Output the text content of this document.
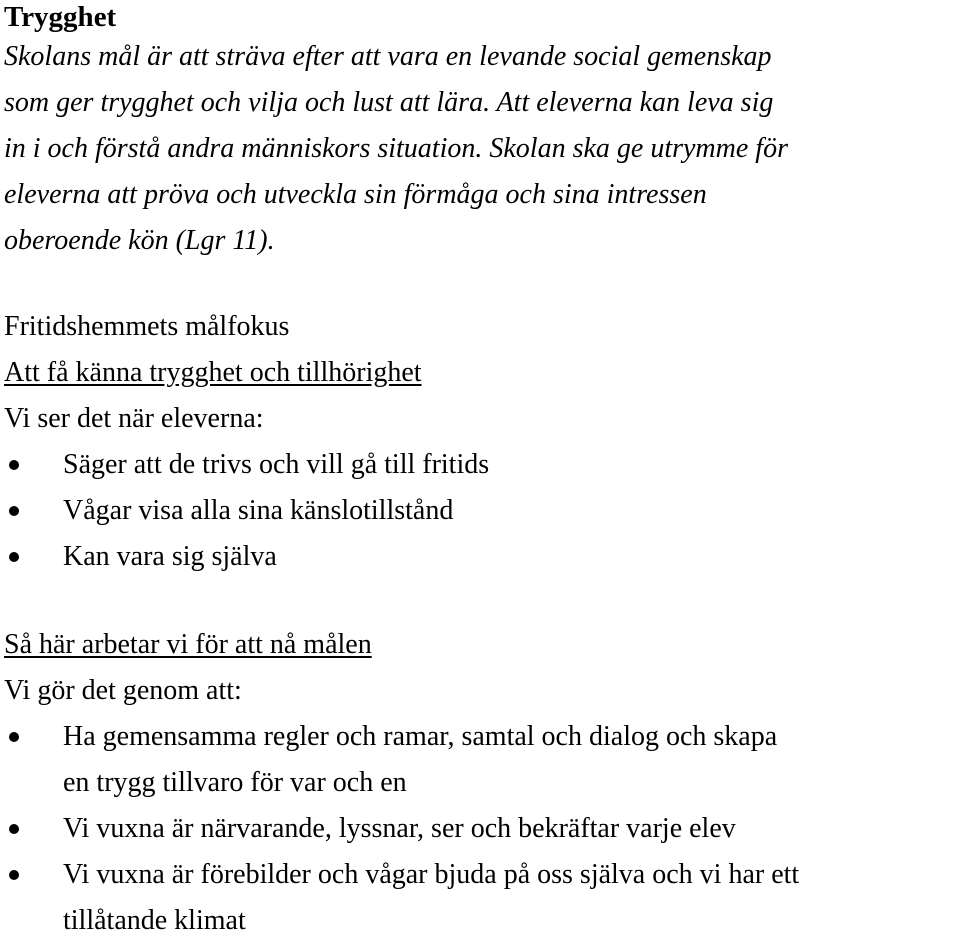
Trygghet
Skolans mål är att sträva efter att vara en levande social gemenskap
som ger trygghet och vilja och lust att lära. Att eleverna kan leva sig
in i och förstå andra människors situation. Skolan ska ge utrymme för
eleverna att pröva och utveckla sin förmåga och sina intressen
oberoende kön (Lgr 11).
Fritidshemmets målfokus
Att få känna trygghet och tillhörighet
Vi ser det när eleverna:
Säger att de trivs och vill gå till fritids
Vågar visa alla sina känslotillstånd
Kan vara sig själva
Så här arbetar vi för att nå målen
Vi gör det genom att:
Ha gemensamma regler och ramar, samtal och dialog och skapa
en trygg tillvaro för var och en
Vi vuxna är närvarande, lyssnar, ser och bekräftar varje elev
Vi vuxna är förebilder och vågar bjuda på oss själva och vi har ett
tillåtande klimat
